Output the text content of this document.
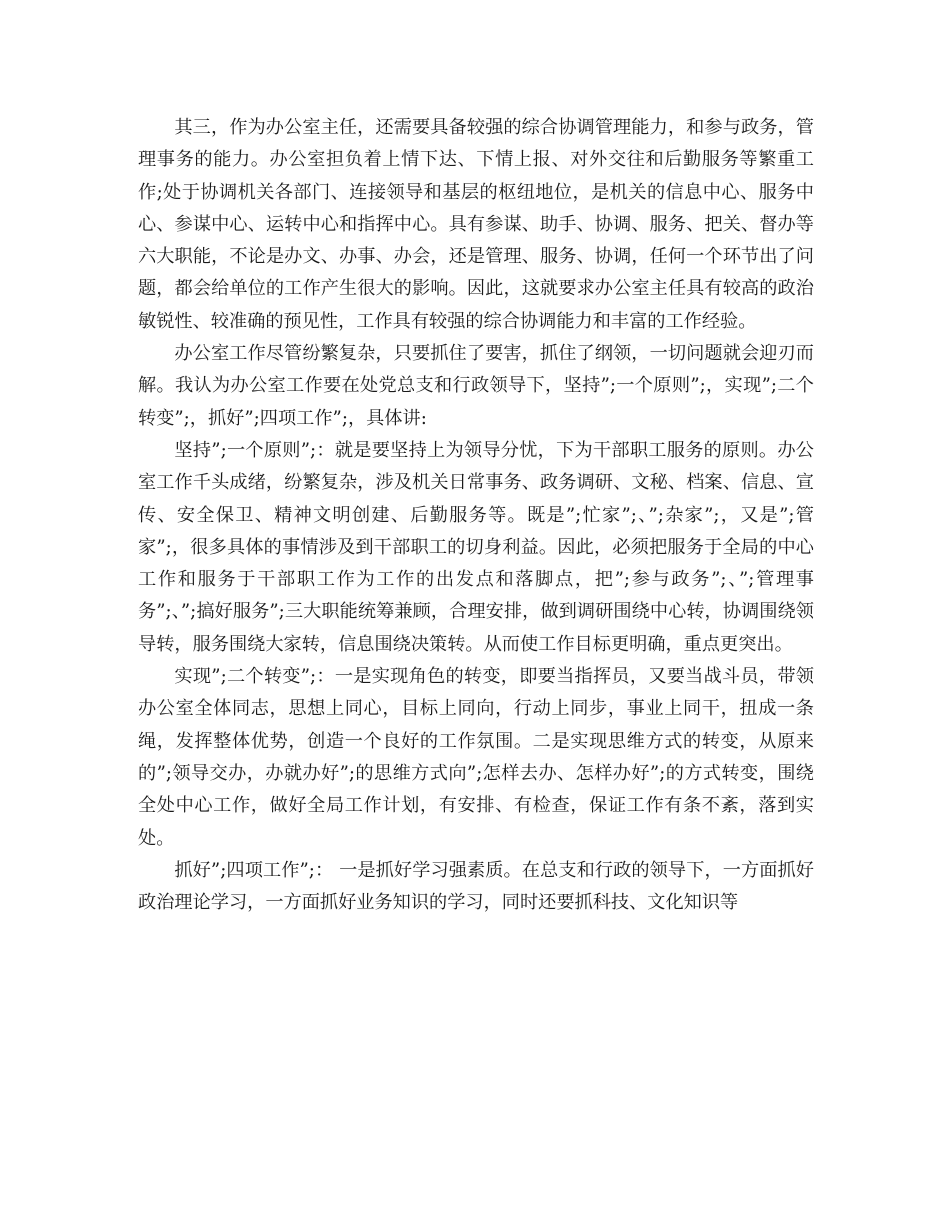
其三，作为办公室主任，还需要具备较强的综合协调管理能力，和参与政务，管理事务的能力。办公室担负着上情下达、下情上报、对外交往和后勤服务等繁重工作;处于协调机关各部门、连接领导和基层的枢纽地位，是机关的信息中心、服务中心、参谋中心、运转中心和指挥中心。具有参谋、助手、协调、服务、把关、督办等六大职能，不论是办文、办事、办会，还是管理、服务、协调，任何一个环节出了问题，都会给单位的工作产生很大的影响。因此，这就要求办公室主任具有较高的政治敏锐性、较准确的预见性，工作具有较强的综合协调能力和丰富的工作经验。

办公室工作尽管纷繁复杂，只要抓住了要害，抓住了纲领，一切问题就会迎刃而解。我认为办公室工作要在处党总支和行政领导下，坚持”;一个原则”;，实现”;二个转变”;，抓好”;四项工作”;，具体讲:

坚持”;一个原则”;：就是要坚持上为领导分忧，下为干部职工服务的原则。办公室工作千头成绪，纷繁复杂，涉及机关日常事务、政务调研、文秘、档案、信息、宣传、安全保卫、精神文明创建、后勤服务等。既是”;忙家”;、”;杂家”;，又是”;管家”;，很多具体的事情涉及到干部职工的切身利益。因此，必须把服务于全局的中心工作和服务于干部职工作为工作的出发点和落脚点，把”;参与政务”;、”;管理事务”;、”;搞好服务”;三大职能统筹兼顾，合理安排，做到调研围绕中心转，协调围绕领导转，服务围绕大家转，信息围绕决策转。从而使工作目标更明确，重点更突出。

实现”;二个转变”;：一是实现角色的转变，即要当指挥员，又要当战斗员，带领办公室全体同志，思想上同心，目标上同向，行动上同步，事业上同干，扭成一条绳，发挥整体优势，创造一个良好的工作氛围。二是实现思维方式的转变，从原来的”;领导交办，办就办好”;的思维方式向”;怎样去办、怎样办好”;的方式转变，围绕全处中心工作，做好全局工作计划，有安排、有检查，保证工作有条不紊，落到实处。

抓好”;四项工作”;： 一是抓好学习强素质。在总支和行政的领导下，一方面抓好政治理论学习，一方面抓好业务知识的学习，同时还要抓科技、文化知识等
